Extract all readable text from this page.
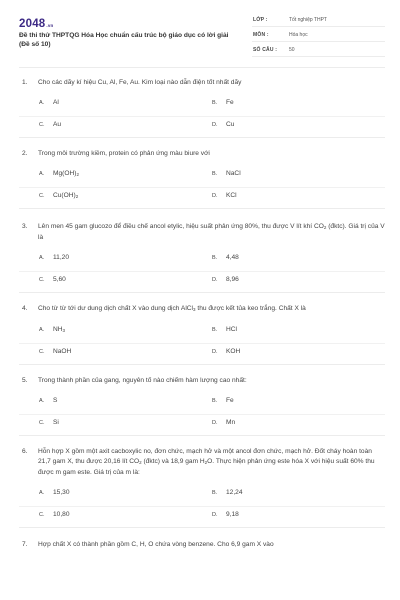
2048.vn
Đề thi thử THPTQG Hóa Học chuẩn cấu trúc bộ giáo dục có lời giải (Đề số 10)
LỚP :	Tốt nghiệp THPT
MÔN :	Hóa học
SỐ CÂU : 50
1. Cho các dãy kí hiệu Cu, Al, Fe, Au. Kim loại nào dẫn điện tốt nhất dãy
A. Al	B. Fe
C. Au	D. Cu
2. Trong môi trường kiềm, protein có phản ứng màu biure với
A. $Mg(OH)_2$	B. NaCl
C. $Cu(OH)_2$	D. KCl
3. Lên men 45 gam glucozo để điều chế ancol etylic, hiệu suất phản ứng 80%, thu được V lít khí $CO_2$ (đktc). Giá trị của V là
A. 11,20	B. 4,48
C. 5,60	D. 8,96
4. Cho từ từ tới dư dung dịch chất X vào dung dịch AlCl$_3$ thu được kết tủa keo trắng. Chất X là
A. $NH_3$	B. HCl
C. NaOH	D. KOH
5. Trong thành phần của gang, nguyên tố nào chiếm hàm lượng cao nhất:
A. S	B. Fe
C. Si	D. Mn
6. Hỗn hợp X gồm một axit cacboxylic no, đơn chức, mạch hở và một ancol đơn chức, mạch hở. Đốt cháy hoàn toàn 21,7 gam X, thu được 20,16 lít $CO_2$ (đktc) và 18,9 gam $H_2O$. Thực hiện phản ứng este hóa X với hiệu suất 60% thu được m gam este. Giá trị của m là:
A. 15,30	B. 12,24
C. 10,80	D. 9,18
7. Hợp chất X có thành phần gồm C, H, O chứa vòng benzene. Cho 6,9 gam X vào
